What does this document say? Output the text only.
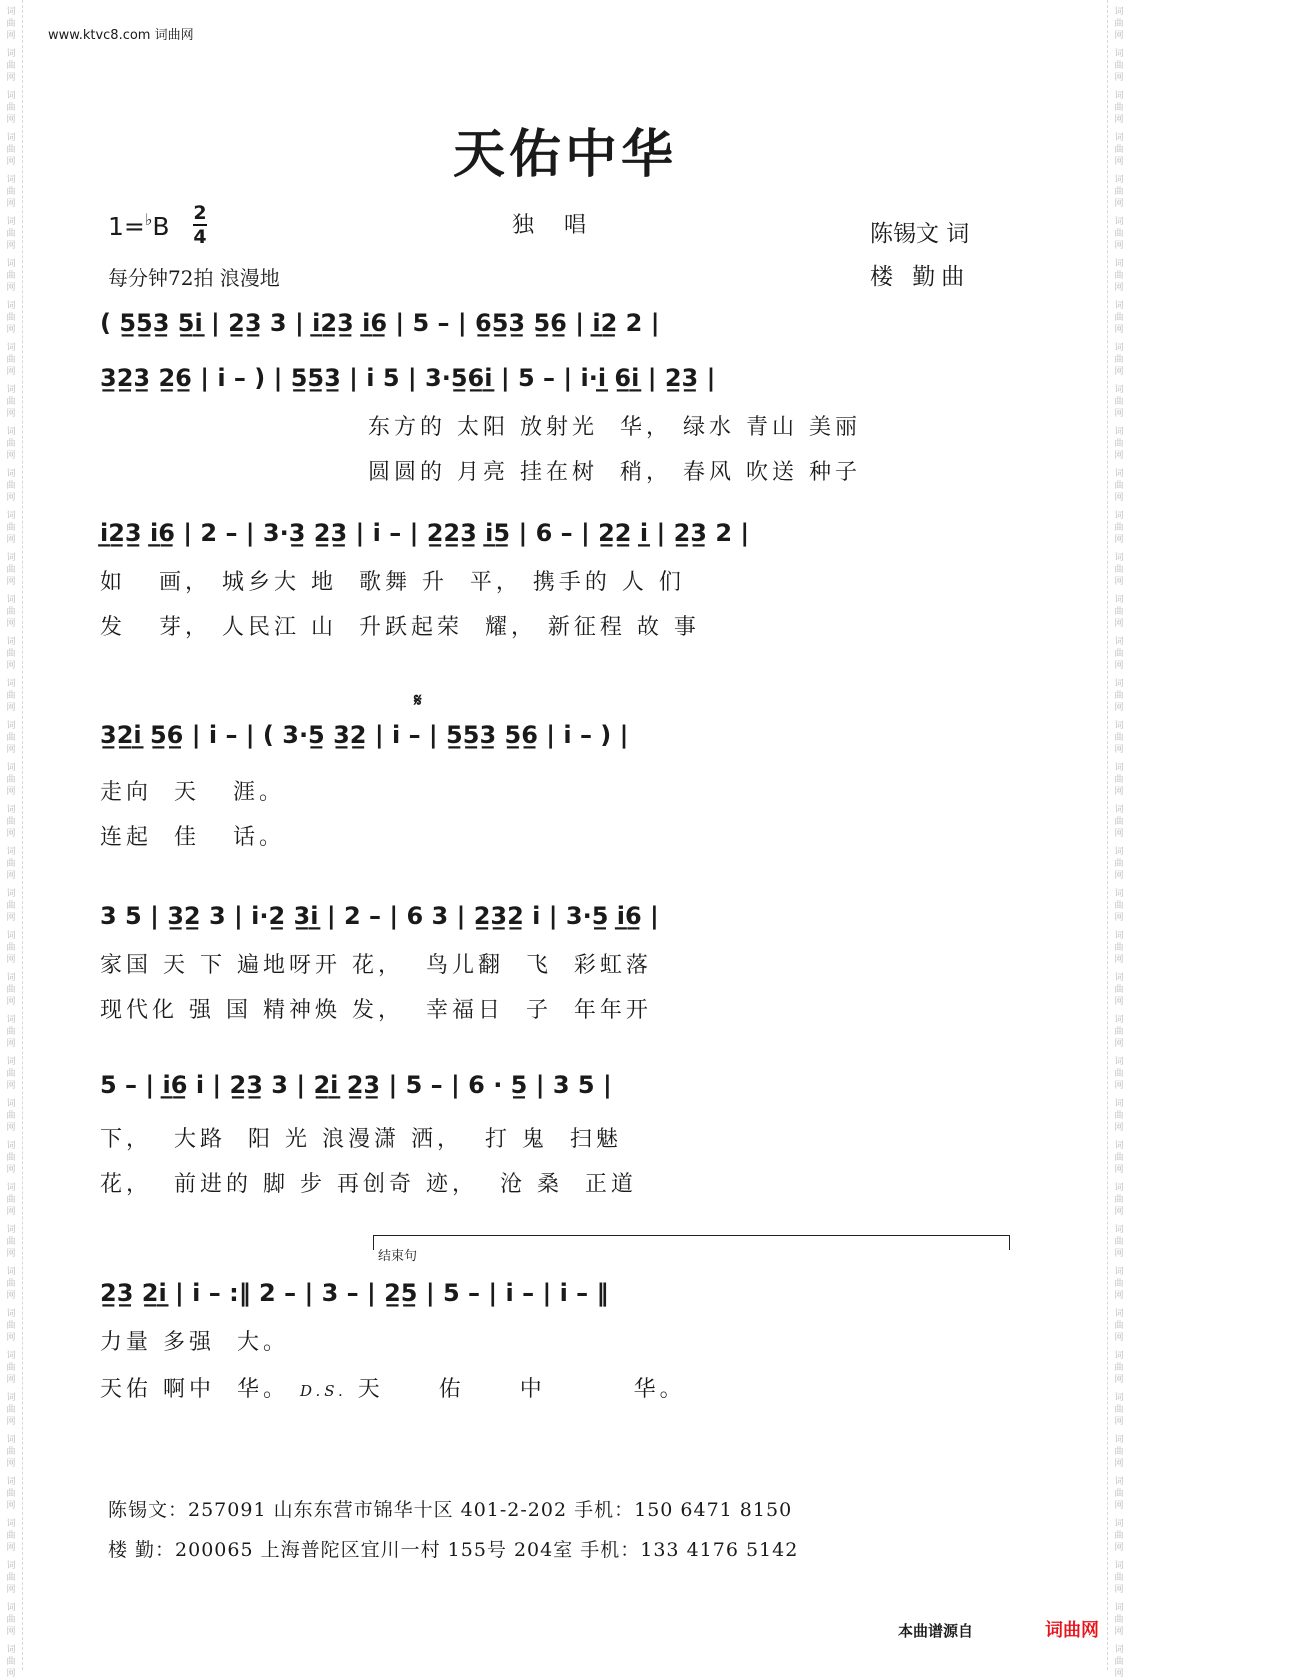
词
曲
网
词
曲
网
词
曲
网
词
曲
网
词
曲
网
词
曲
网
词
曲
网
词
曲
网
词
曲
网
词
曲
网
词
曲
网
词
曲
网
词
曲
网
词
曲
网
词
曲
网
词
曲
网
词
曲
网
词
曲
网
词
曲
网
词
曲
网
词
曲
网
词
曲
网
词
曲
网
词
曲
网
词
曲
网
词
曲
网
词
曲
网
词
曲
网
词
曲
网
词
曲
网
词
曲
网
词
曲
网
词
曲
网
词
曲
网
词
曲
网
词
曲
网
词
曲
网
词
曲
网
词
曲
网
词
曲
网
词
曲
网
词
曲
网
词
曲
网
词
曲
网
词
曲
网
词
曲
网
词
曲
网
词
曲
网
词
曲
网
词
曲
网
词
曲
网
词
曲
网
词
曲
网
词
曲
网
词
曲
网
词
曲
网
词
曲
网
词
曲
网
词
曲
网
词
曲
网
词
曲
网
词
曲
网
词
曲
网
词
曲
网
词
曲
网
词
曲
网
词
曲
网
词
曲
网
词
曲
网
词
曲
网
词
曲
网
词
曲
网
词
曲
网
词
曲
网
词
曲
网
词
曲
网
词
曲
网
词
曲
网
词
曲
网
词
曲
网
www.ktvc8.com 词曲网
天佑中华
1=♭B 2
4	独唱	陈锡文 词
楼 勤曲
每分钟72拍 浪漫地
( 5̲5̲3̲ 5̲i̲ | 2̲3̲ 3 | i̲2̲3̲ i̲6̲ | 5 – | 6̲5̲3̲ 5̲6̲ | i̲2̲ 2 |
3̲2̲3̲ 2̲6̲ | i – ) | 5̲5̲3̲ | i 5 | 3·5̲6̲i̲ | 5 – | i·i̲ 6̲i̲ | 2̲3̲ |
东方的 太阳 放射光  华， 绿水 青山 美丽
圆圆的 月亮 挂在树  稍， 春风 吹送 种子
i̲2̲3̲ i̲6̲ | 2 – | 3·3̲ 2̲3̲ | i – | 2̲2̲3̲ i̲5̲ | 6 – | 2̲2̲ i̲ | 2̲3̲ 2 |
如   画， 城乡大 地  歌舞 升  平， 携手的 人 们
发   芽， 人民江 山  升跃起荣  耀， 新征程 故 事
𝄋
3̲2̲i̲ 5̲6̲ | i – | ( 3·5̲ 3̲2̲ | i – | 5̲5̲3̲ 5̲6̲ | i – ) |
走向  天   涯。
连起  佳   话。
3 5 | 3̲2̲ 3 | i·2̲ 3̲i̲ | 2 – | 6 3 | 2̲3̲2̲ i | 3·5̲ i̲6̲ |
家国 天 下 遍地呀开 花，  鸟儿翻  飞  彩虹落
现代化 强 国 精神焕 发，  幸福日  子  年年开
5 – | i̲6̲ i | 2̲3̲ 3 | 2̲i̲ 2̲3̲ | 5 – | 6 · 5̲ | 3 5 |
下，  大路  阳 光 浪漫潇 洒，  打 鬼  扫魅
花，  前进的 脚 步 再创奇 迹，  沧 桑  正道
结束句
2̲3̲ 2̲i̲ | i – :‖ 2 – | 3 – | 2̲5̲ | 5 – | i – | i – ‖
力量 多强  大。
天佑 啊中  华。 D.S. 天     佑     中        华。
陈锡文：257091 山东东营市锦华十区 401-2-202 手机：150 6471 8150
楼 勤：200065 上海普陀区宜川一村 155号 204室 手机：133 4176 5142
本曲谱源自	词曲网
